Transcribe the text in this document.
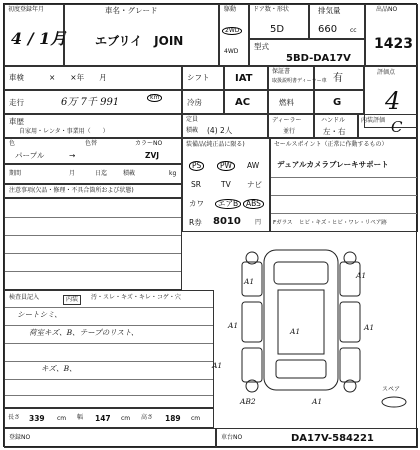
初度登録年月
4 / 1月
車名・グレード
エブリイ　JOIN
駆動
2WD
4WD
ドア数・形状
5D
排気量
660 cc
型式
5BD-DA17V
出品NO
1423
車検	×　　×年　　月	シフト	IAT
保証書
取扱説明書ディーラー車 有
評価点
4
走行	6万 7千 991	km
冷房	AC	燃料	G
車歴
自家用・レンタ・事業用（　　）
定員
積載 (4) 2人
ディーラー
並行
ハンドル
左・右
内装評価 C
色	色替
パープル	→
カラーNO
ZVJ
期間	月	日迄	積載	kg
注意事項(欠品・修理・不具合箇所および状態)
装備品(純正品に限る)
PS	PW	AW
SR	TV ナビ
カワ	エアB	ABS
R券 8010 円
セールスポイント（正常に作動するもの）
デュアルカメラブレーキサポート
Fガラス ヒビ・キズ・ヒビ・ワレ・リペア跡
検査員記入	内装	汚・スレ・キズ・キレ・コゲ・穴
シートシミ、
荷室キズ、B、テープのリスト、
キズ、B、
A1
A1
A1	A1
A1
A1
AB2	A1
スペア
長さ 339 cm 幅 147 cm 高さ 189 cm
登録NO	車台NO	DA17V-584221
